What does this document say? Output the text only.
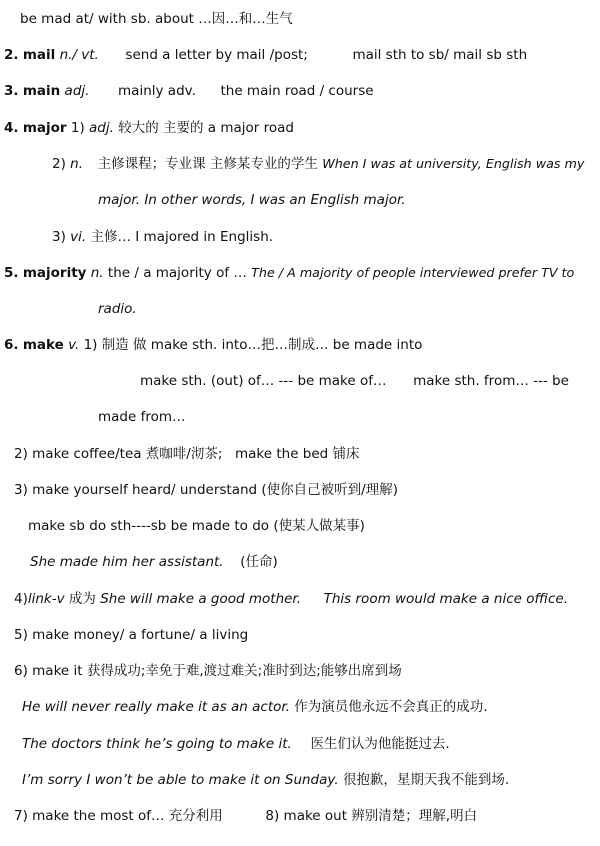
be mad at/ with sb. about …因…和…生气
2. mail n./ vt. send a letter by mail /post;	mail sth to sb/ mail sb sth
3. main adj. mainly adv. the main road / course
4. major 1) adj. 较大的 主要的 a major road
2) n. 主修课程；专业课 主修某专业的学生 When I was at university, English was my
major. In other words, I was an English major.
3) vi. 主修… I majored in English.
5. majority n. the / a majority of … The / A majority of people interviewed prefer TV to
radio.
6. make v. 1) 制造 做 make sth. into…把…制成… be made into
make sth. (out) of… --- be make of… make sth. from… --- be
made from…
2) make coffee/tea 煮咖啡/沏茶; make the bed 铺床
3) make yourself heard/ understand (使你自己被听到/理解)
make sb do sth----sb be made to do (使某人做某事)
She made him her assistant. (任命)
4)link-v 成为 She will make a good mother. This room would make a nice office.
5) make money/ a fortune/ a living
6) make it 获得成功;幸免于难,渡过难关;准时到达;能够出席到场
He will never really make it as an actor. 作为演员他永远不会真正的成功.
The doctors think he’s going to make it. 医生们认为他能挺过去.
I’m sorry I won’t be able to make it on Sunday. 很抱歉，星期天我不能到场.
7) make the most of… 充分利用	8) make out 辨别清楚；理解,明白
